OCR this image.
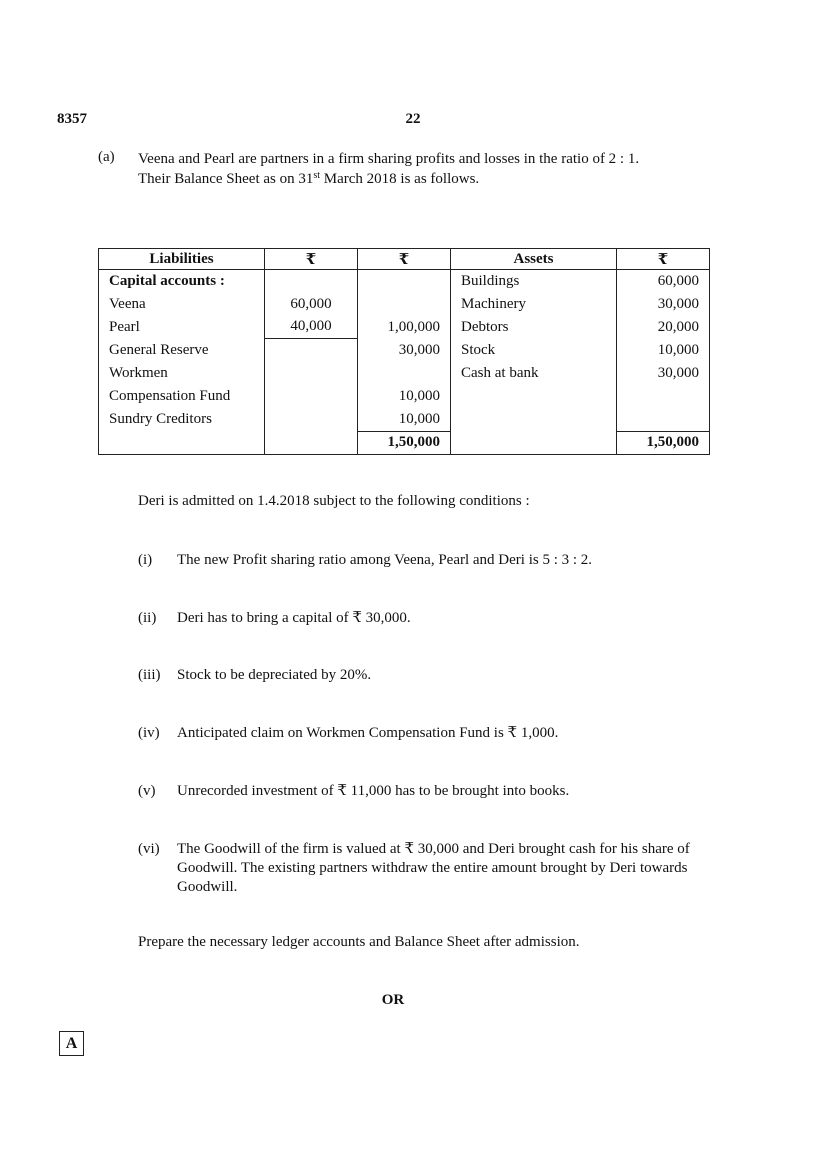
8357	22
(a) Veena and Pearl are partners in a firm sharing profits and losses in the ratio of 2 : 1.
Their Balance Sheet as on 31st March 2018 is as follows.
Liabilities	₹	₹	Assets	₹
Capital accounts :			Buildings	60,000
Veena	60,000		Machinery	30,000
Pearl	40,000	1,00,000	Debtors	20,000
General Reserve		30,000	Stock	10,000
Workmen			Cash at bank	30,000
Compensation Fund		10,000		
Sundry Creditors		10,000		
		1,50,000		1,50,000
Deri is admitted on 1.4.2018 subject to the following conditions :
(i) The new Profit sharing ratio among Veena, Pearl and Deri is 5 : 3 : 2.
(ii) Deri has to bring a capital of ₹ 30,000.
(iii) Stock to be depreciated by 20%.
(iv) Anticipated claim on Workmen Compensation Fund is ₹ 1,000.
(v) Unrecorded investment of ₹ 11,000 has to be brought into books.
(vi) The Goodwill of the firm is valued at ₹ 30,000 and Deri brought cash for his share of Goodwill. The existing partners withdraw the entire amount brought by Deri towards Goodwill.
Prepare the necessary ledger accounts and Balance Sheet after admission.
OR
A
